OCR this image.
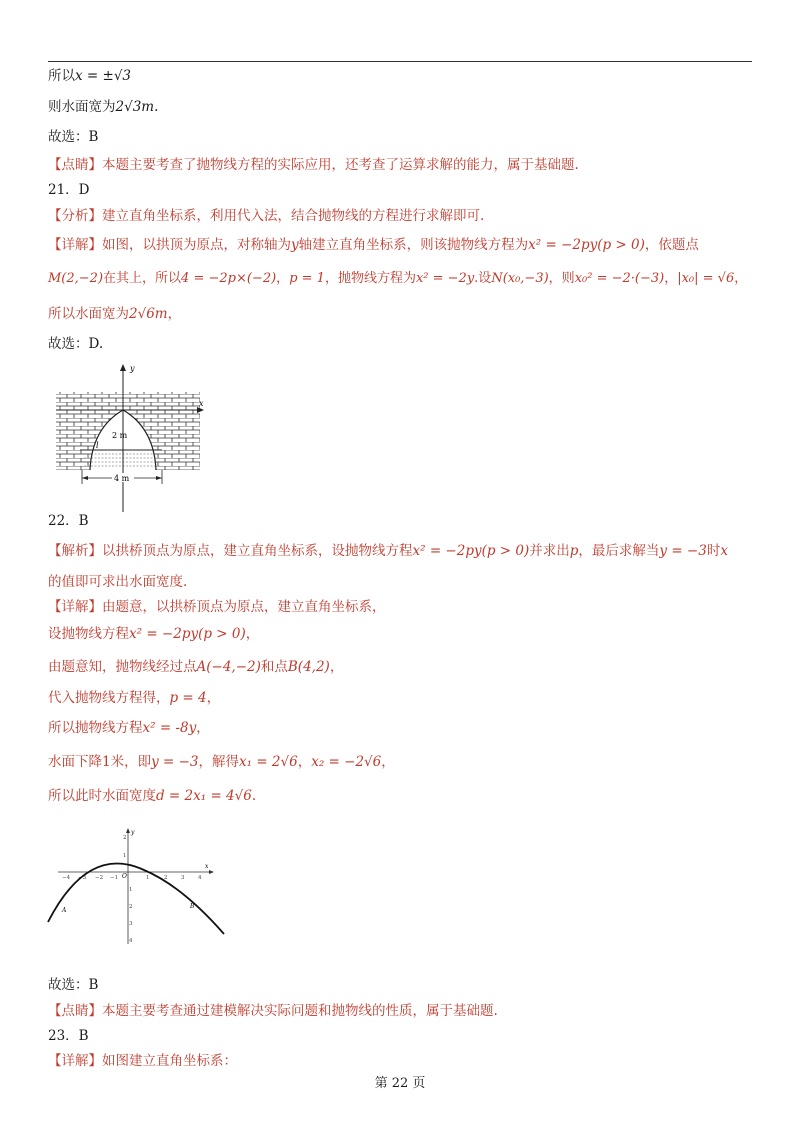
所以x = ±√3
则水面宽为2√3m.
故选：B
【点睛】本题主要考查了抛物线方程的实际应用，还考查了运算求解的能力，属于基础题.
21．D
【分析】建立直角坐标系，利用代入法，结合抛物线的方程进行求解即可.
【详解】如图，以拱顶为原点，对称轴为y轴建立直角坐标系，则该抛物线方程为x² = −2py(p > 0)，依题点
M(2,−2)在其上，所以4 = −2p×(−2)，p = 1，抛物线方程为x² = −2y.设N(x₀,−3)，则x₀² = −2·(−3)，|x₀| = √6，
所以水面宽为2√6m，
故选：D.
y
x
2 m
l
4 m
22．B
【解析】以拱桥顶点为原点，建立直角坐标系，设抛物线方程x² = −2py(p > 0)并求出p，最后求解当y = −3时x
的值即可求出水面宽度.
【详解】由题意，以拱桥顶点为原点，建立直角坐标系，
设抛物线方程x² = −2py(p > 0)，
由题意知，抛物线经过点A(−4,−2)和点B(4,2)，
代入抛物线方程得，p = 4，
所以抛物线方程x² = -8y，
水面下降1米，即y = −3，解得x₁ = 2√6，x₂ = −2√6，
所以此时水面宽度d = 2x₁ = 4√6.
y
x
O
−4 −3 −2 −1	1	2 3 4
2
1
1
2
3
4
A
B
故选：B
【点睛】本题主要考查通过建模解决实际问题和抛物线的性质，属于基础题.
23．B
【详解】如图建立直角坐标系：
第 22 页
